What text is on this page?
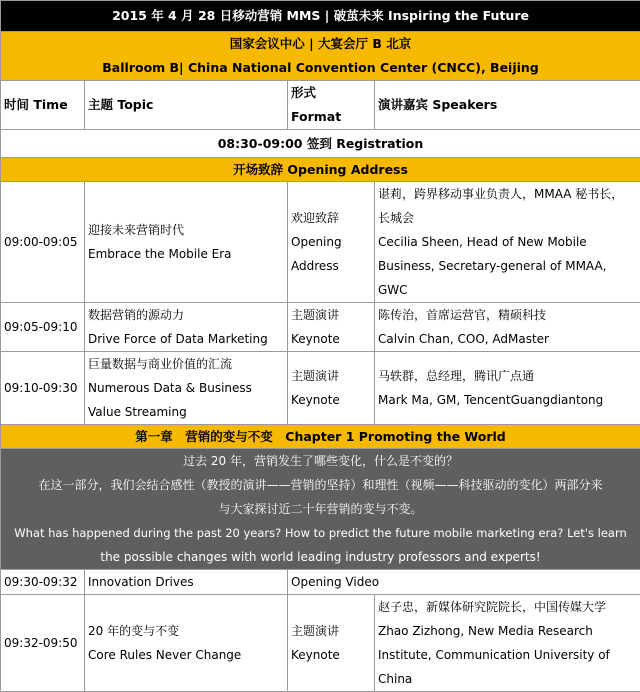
2015 年 4 月 28 日移动营销 MMS | 破茧未来 Inspiring the Future			

国家会议中心 | 大宴会厅 B 北京
Ballroom B| China National Convention Center (CNCC), Beijing			

时间 Time	主题 Topic	形式
Format	演讲嘉宾 Speakers
08:30-09:00 签到 Registration			
开场致辞 Opening Address			
09:00-09:05	迎接未来营销时代
Embrace the Mobile Era	欢迎致辞
Opening
Address	谌莉，跨界移动事业负责人，MMAA 秘书长，
长城会
Cecilia Sheen, Head of New Mobile
Business, Secretary-general of MMAA,
GWC

09:05-09:10	数据营销的源动力
Drive Force of Data Marketing	主题演讲
Keynote	陈传治，首席运营官，精硕科技
Calvin Chan, COO, AdMaster

09:10-09:30	巨量数据与商业价值的汇流
Numerous Data & Business
Value Streaming	主题演讲
Keynote	马轶群，总经理，腾讯广点通
Mark Ma, GM, TencentGuangdiantong

第一章　营销的变与不变　Chapter 1 Promoting the World			

过去 20 年，营销发生了哪些变化，什么是不变的？
在这一部分，我们会结合感性（教授的演讲——营销的坚持）和理性（视频——科技驱动的变化）两部分来
与大家探讨近二十年营销的变与不变。
What has happened during the past 20 years? How to predict the future mobile marketing era? Let's learn
the possible changes with world leading industry professors and experts!			

09:30-09:32	Innovation Drives	Opening Video	
09:32-09:50	20 年的变与不变
Core Rules Never Change	主题演讲
Keynote	赵子忠，新媒体研究院院长，中国传媒大学
Zhao Zizhong, New Media Research
Institute, Communication University of
China
